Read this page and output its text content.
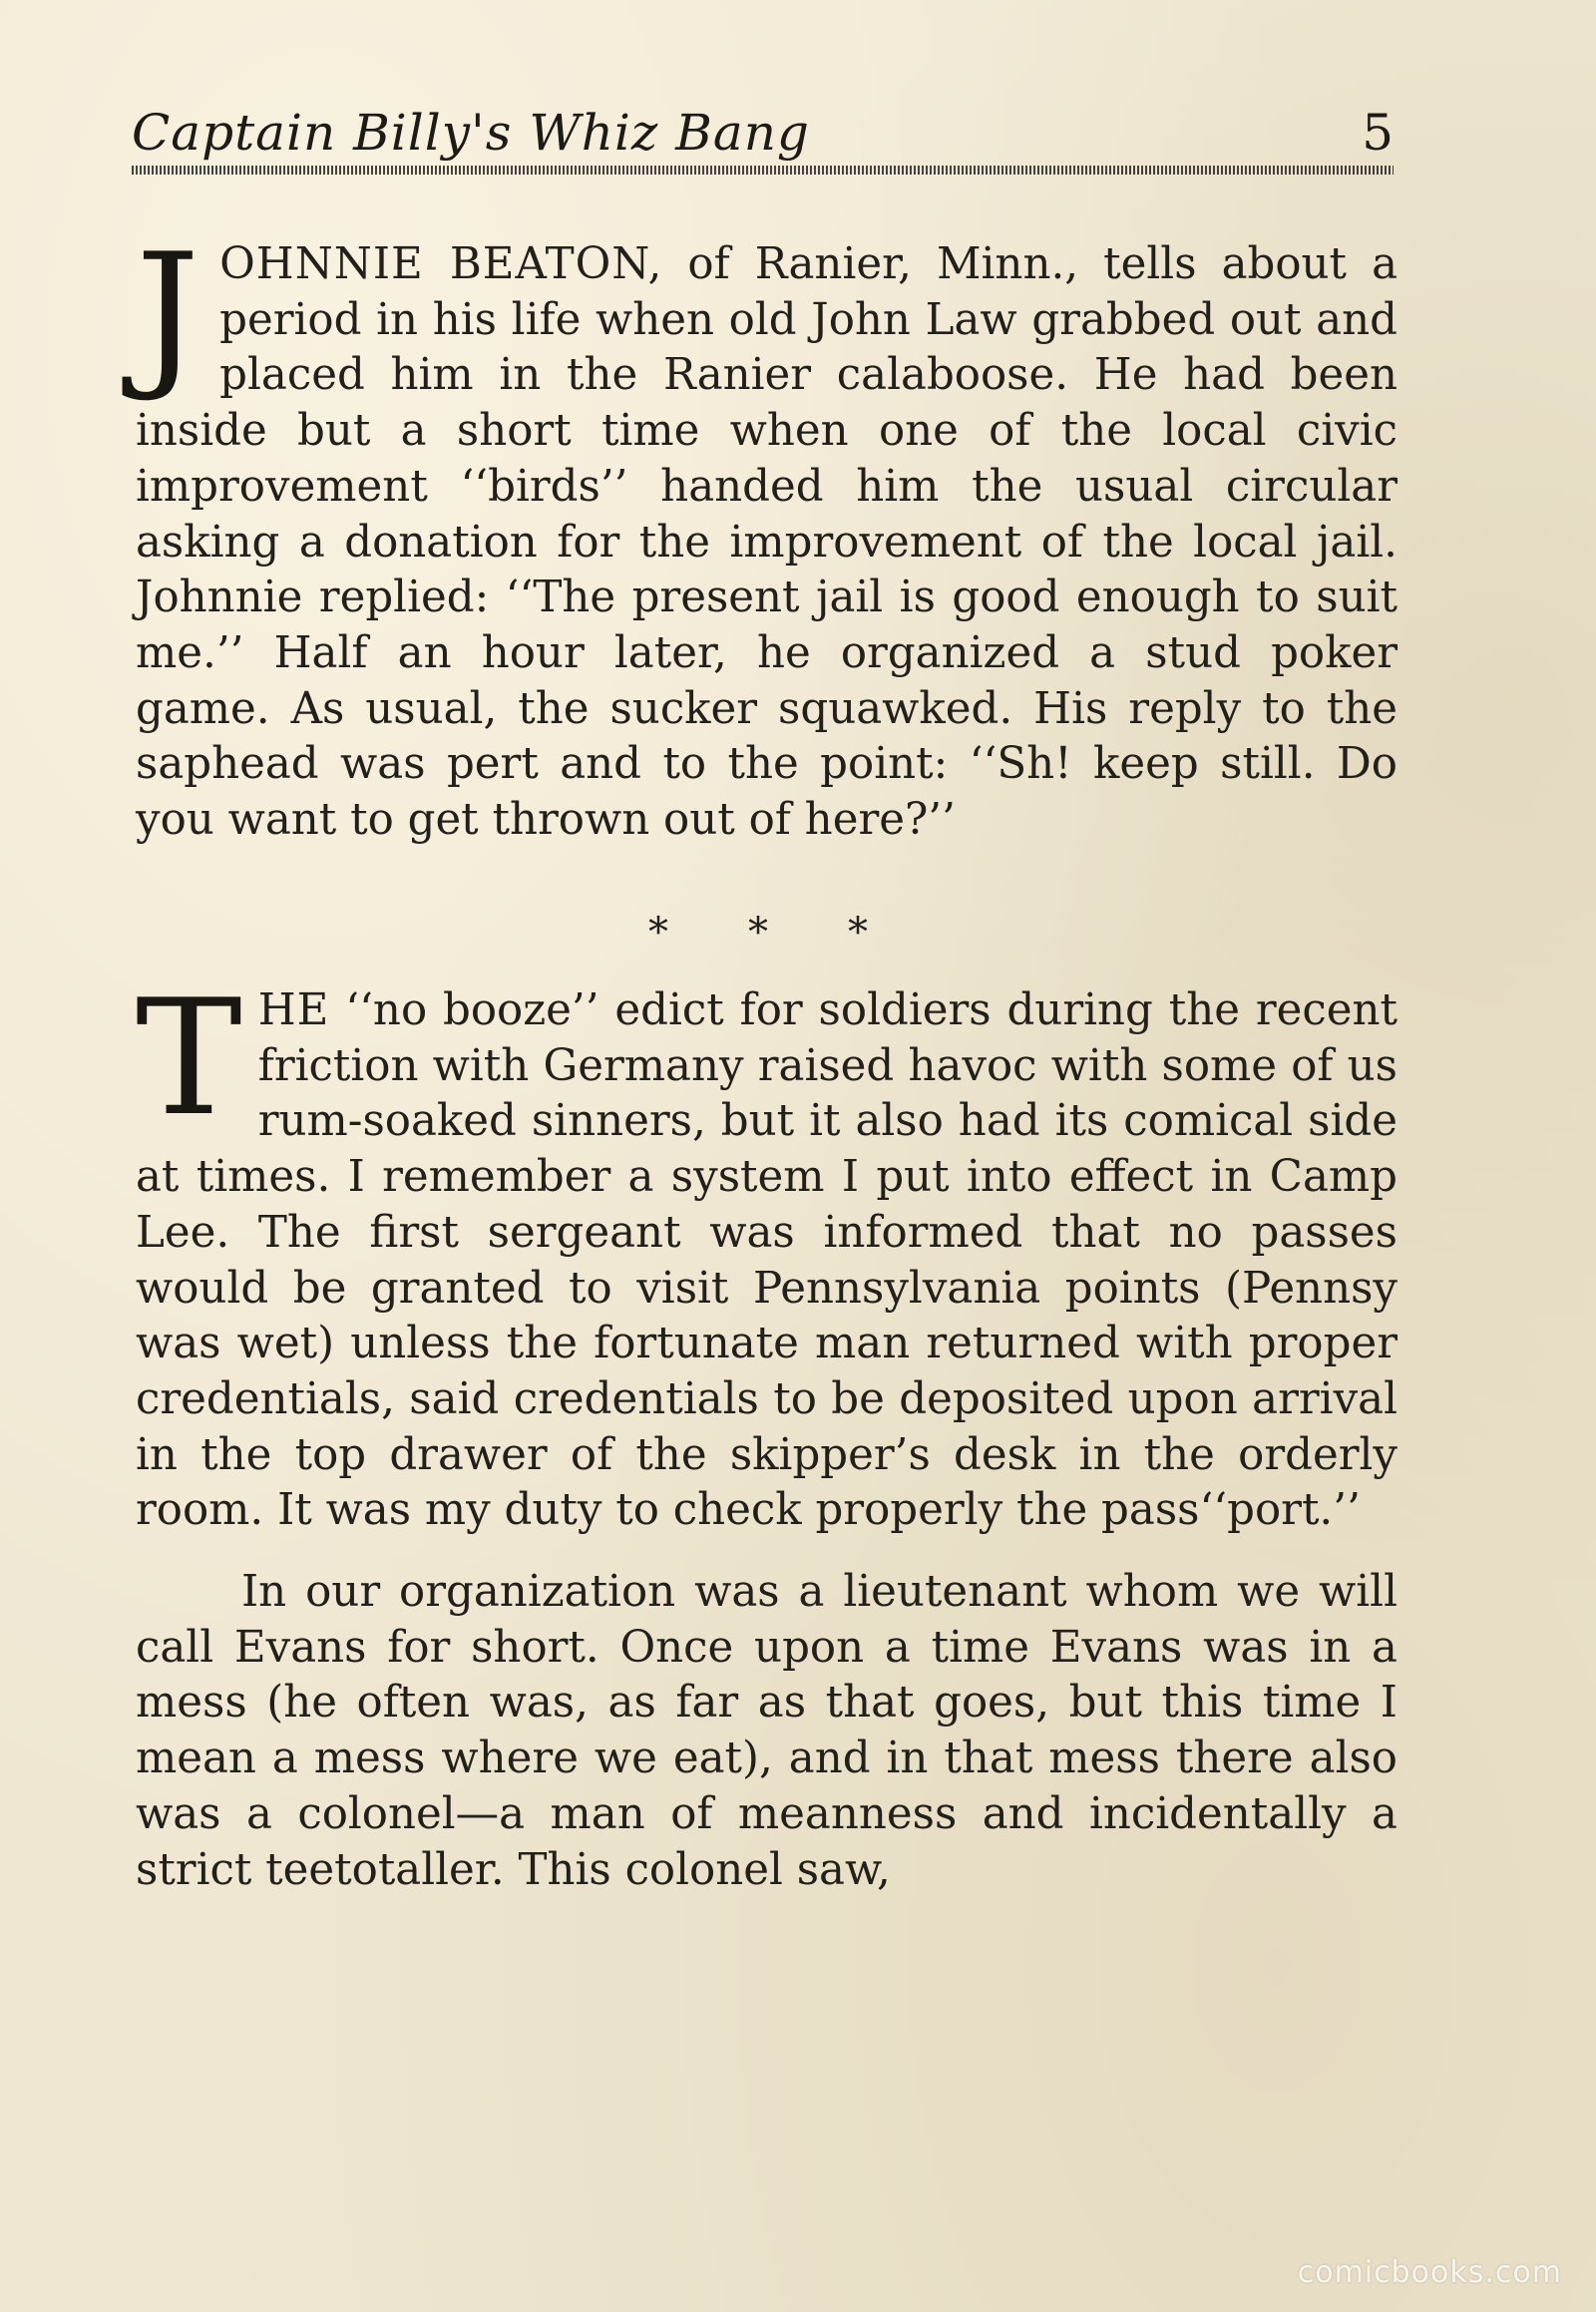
Captain Billy's Whiz Bang	5

JOHNNIE BEATON, of Ranier, Minn., tells about a period in his life when old John Law grabbed out and placed him in the Ranier calaboose. He had been inside but a short time when one of the local civic improvement ‘‘birds’’ handed him the usual circular asking a donation for the improvement of the local jail. Johnnie replied: ‘‘The present jail is good enough to suit me.’’ Half an hour later, he organized a stud poker game. As usual, the sucker squawked. His reply to the saphead was pert and to the point: ‘‘Sh! keep still. Do you want to get thrown out of here?’’

* * *

THE ‘‘no booze’’ edict for soldiers during the recent friction with Germany raised havoc with some of us rum-soaked sinners, but it also had its comical side at times. I remember a system I put into effect in Camp Lee. The first sergeant was informed that no passes would be granted to visit Pennsylvania points (Pennsy was wet) unless the fortunate man returned with proper credentials, said credentials to be deposited upon arrival in the top drawer of the skipper’s desk in the orderly room. It was my duty to check properly the pass‘‘port.’’

In our organization was a lieutenant whom we will call Evans for short. Once upon a time Evans was in a mess (he often was, as far as that goes, but this time I mean a mess where we eat), and in that mess there also was a colonel—a man of meanness and incidentally a strict teetotaller. This colonel saw,

comicbooks.com
